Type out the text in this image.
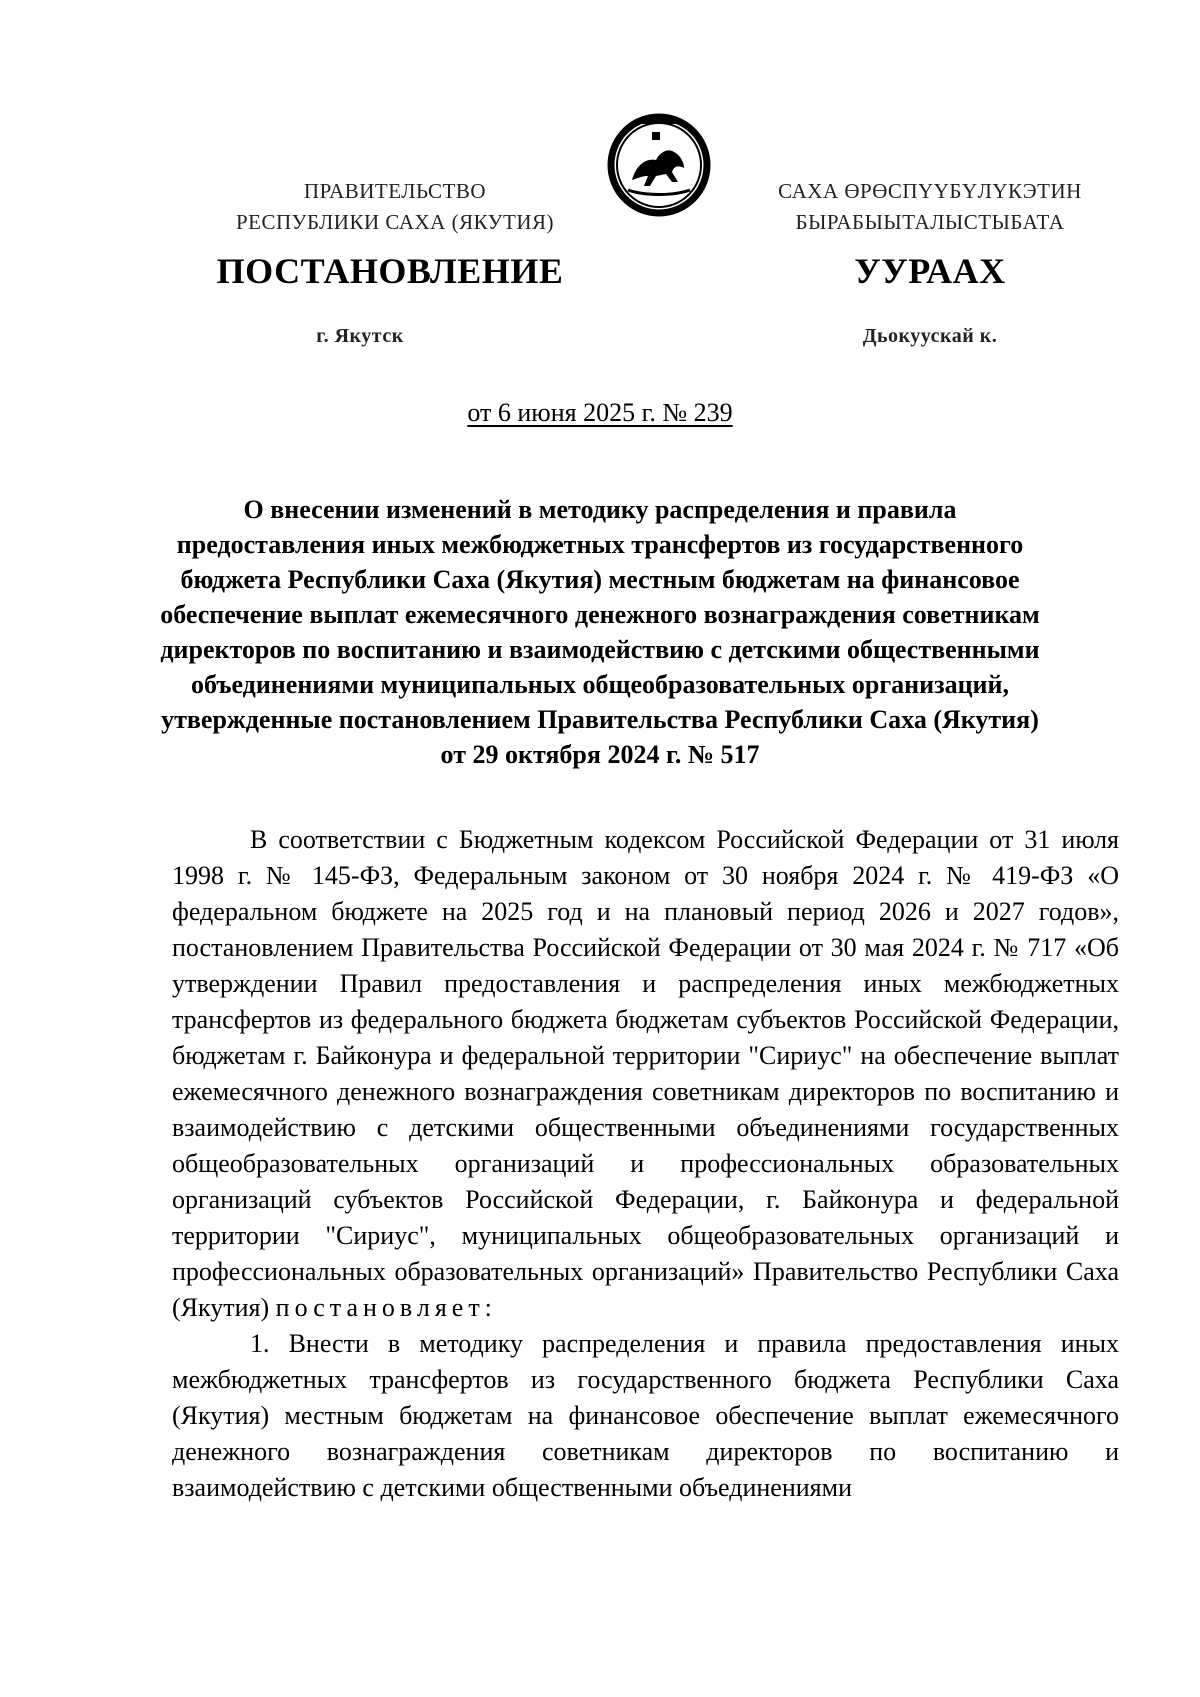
ПРАВИТЕЛЬСТВО
РЕСПУБЛИКИ САХА (ЯКУТИЯ)
САХА ӨРӨСПҮҮБҮЛҮКЭТИН
БЫРАБЫЫТАЛЫСТЫБАТА
ПОСТАНОВЛЕНИЕ	УУРААХ
г. Якутск	Дьокуускай к.
от 6 июня 2025 г. № 239
О внесении изменений в методику распределения и правила
предоставления иных межбюджетных трансфертов из государственного
бюджета Республики Саха (Якутия) местным бюджетам на финансовое
обеспечение выплат ежемесячного денежного вознаграждения советникам
директоров по воспитанию и взаимодействию с детскими общественными
объединениями муниципальных общеобразовательных организаций,
утвержденные постановлением Правительства Республики Саха (Якутия)
от 29 октября 2024 г. № 517

В соответствии с Бюджетным кодексом Российской Федерации от 31 июля 1998 г. № 145-ФЗ, Федеральным законом от 30 ноября 2024 г. № 419-ФЗ «О федеральном бюджете на 2025 год и на плановый период 2026 и 2027 годов», постановлением Правительства Российской Федерации от 30 мая 2024 г. № 717 «Об утверждении Правил предоставления и распределения иных межбюджетных трансфертов из федерального бюджета бюджетам субъектов Российской Федерации, бюджетам г. Байконура и федеральной территории "Сириус" на обеспечение выплат ежемесячного денежного вознаграждения советникам директоров по воспитанию и взаимодействию с детскими общественными объединениями государственных общеобразовательных организаций и профессиональных образовательных организаций субъектов Российской Федерации, г. Байконура и федеральной территории "Сириус", муниципальных общеобразовательных организаций и профессиональных образовательных организаций» Правительство Республики Саха (Якутия) постановляет:

1. Внести в методику распределения и правила предоставления иных межбюджетных трансфертов из государственного бюджета Республики Саха (Якутия) местным бюджетам на финансовое обеспечение выплат ежемесячного денежного вознаграждения советникам директоров по воспитанию и взаимодействию с детскими общественными объединениями
